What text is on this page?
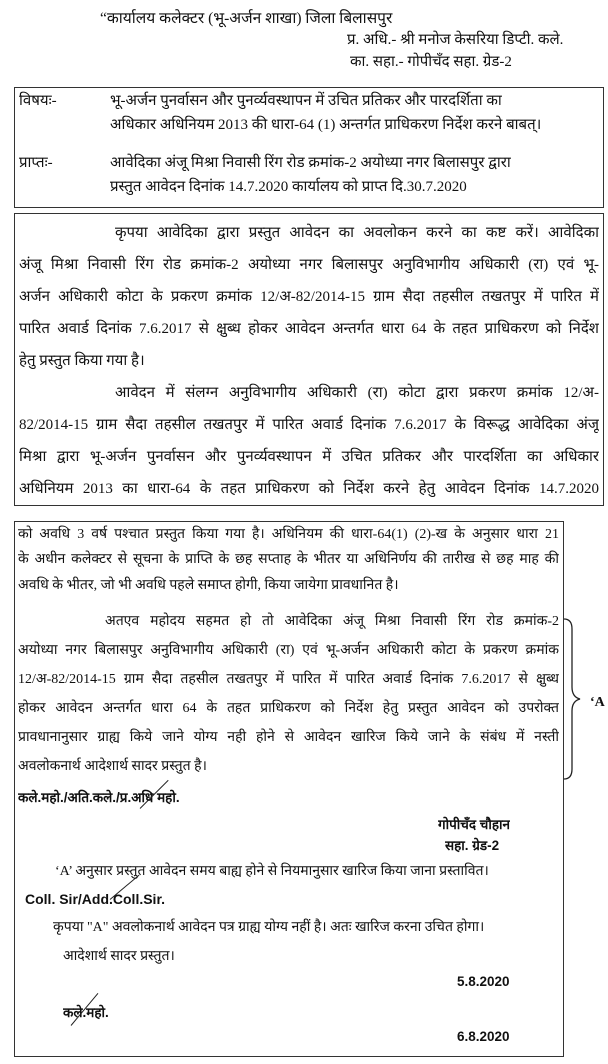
“कार्यालय कलेक्टर (भू-अर्जन शाखा) जिला बिलासपुर
प्र. अधि.- श्री मनोज केसरिया डिप्टी. कले.
का. सहा.- गोपीचँद सहा. ग्रेड-2
विषयः-	भू-अर्जन पुनर्वासन और पुनर्व्यवस्थापन में उचित प्रतिकर और पारदर्शिता का
अधिकार अधिनियम 2013 की धारा-64 (1) अन्तर्गत प्राधिकरण निर्देश करने बाबत्।
प्राप्तः-	आवेदिका अंजू मिश्रा निवासी रिंग रोड क्रमांक-2 अयोध्या नगर बिलासपुर द्वारा
प्रस्तुत आवेदन दिनांक 14.7.2020 कार्यालय को प्राप्त दि.30.7.2020
कृपया आवेदिका द्वारा प्रस्तुत आवेदन का अवलोकन करने का कष्ट करें। आवेदिका
अंजू मिश्रा निवासी रिंग रोड क्रमांक-2 अयोध्या नगर बिलासपुर अनुविभागीय अधिकारी (रा) एवं भू-
अर्जन अधिकारी कोटा के प्रकरण क्रमांक 12/अ-82/2014-15 ग्राम सैदा तहसील तखतपुर में पारित में
पारित अवार्ड दिनांक 7.6.2017 से क्षुब्ध होकर आवेदन अन्तर्गत धारा 64 के तहत प्राधिकरण को निर्देश
हेतु प्रस्तुत किया गया है।
आवेदन में संलग्न अनुविभागीय अधिकारी (रा) कोटा द्वारा प्रकरण क्रमांक 12/अ-
82/2014-15 ग्राम सैदा तहसील तखतपुर में पारित अवार्ड दिनांक 7.6.2017 के विरूद्ध आवेदिका अंजू
मिश्रा द्वारा भू-अर्जन पुनर्वासन और पुनर्व्यवस्थापन में उचित प्रतिकर और पारदर्शिता का अधिकार
अधिनियम 2013 का धारा-64 के तहत प्राधिकरण को निर्देश करने हेतु आवेदन दिनांक 14.7.2020
को अवधि 3 वर्ष पश्चात प्रस्तुत किया गया है। अधिनियम की धारा-64(1) (2)-ख के अनुसार धारा 21
के अधीन कलेक्टर से सूचना के प्राप्ति के छह सप्ताह के भीतर या अधिनिर्णय की तारीख से छह माह की
अवधि के भीतर, जो भी अवधि पहले समाप्त होगी, किया जायेगा प्रावधानित है।
अतएव महोदय सहमत हो तो आवेदिका अंजू मिश्रा निवासी रिंग रोड क्रमांक-2
अयोध्या नगर बिलासपुर अनुविभागीय अधिकारी (रा) एवं भू-अर्जन अधिकारी कोटा के प्रकरण क्रमांक
12/अ-82/2014-15 ग्राम सैदा तहसील तखतपुर में पारित में पारित अवार्ड दिनांक 7.6.2017 से क्षुब्ध
होकर आवेदन अन्तर्गत धारा 64 के तहत प्राधिकरण को निर्देश हेतु प्रस्तुत आवेदन को उपरोक्त
प्रावधानानुसार ग्राह्य किये जाने योग्य नही होने से आवेदन खारिज किये जाने के संबंध में नस्ती
अवलोकनार्थ आदेशार्थ सादर प्रस्तुत है।
कले.महो./अति.कले./प्र.अधि महो.
गोपीचँद चौहान
सहा. ग्रेड-2
‘A’ अनुसार प्रस्तुत आवेदन समय बाह्य होने से नियमानुसार खारिज किया जाना प्रस्तावित।
Coll. Sir/Add.Coll.Sir.
कृपया "A" अवलोकनार्थ आवेदन पत्र ग्राह्य योग्य नहीं है। अतः खारिज करना उचित होगा।
आदेशार्थ सादर प्रस्तुत।
5.8.2020
कले.महो.
6.8.2020
‘A
